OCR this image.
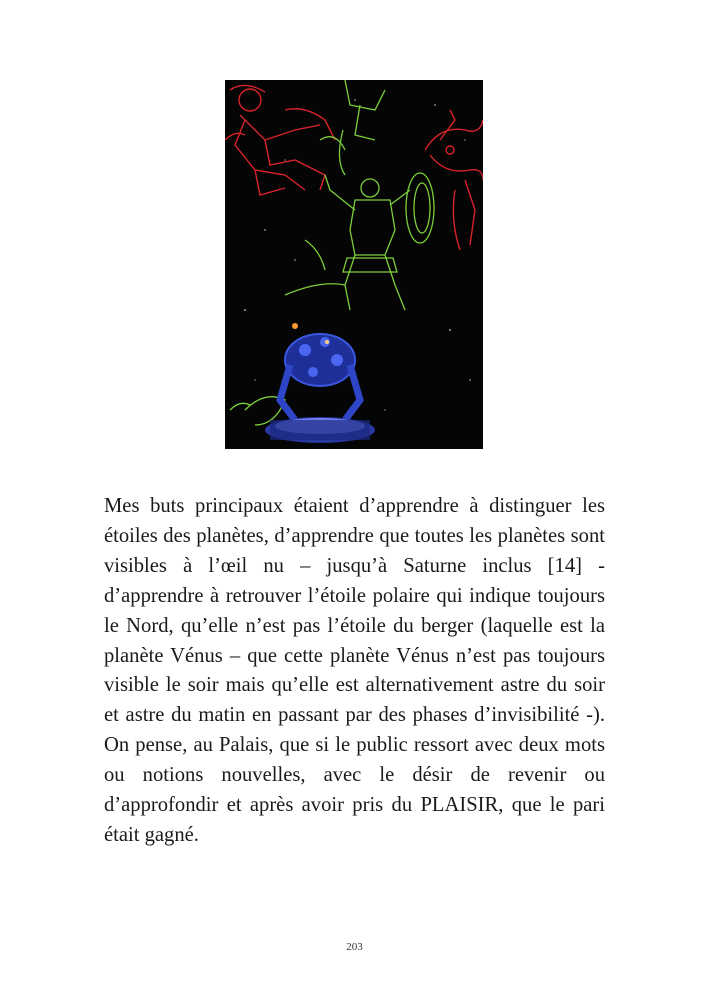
Mes buts principaux étaient d’apprendre à distinguer les étoiles des planètes, d’apprendre que toutes les planètes sont visibles à l’œil nu – jusqu’à Saturne inclus [14] - d’apprendre à retrouver l’étoile polaire qui indique toujours le Nord, qu’elle n’est pas l’étoile du berger (laquelle est la planète Vénus – que cette planète Vénus n’est pas toujours visible le soir mais qu’elle est alternativement astre du soir et astre du matin en passant par des phases d’invisibilité -). On pense, au Palais, que si le public ressort avec deux mots ou notions nouvelles, avec le désir de revenir ou d’approfondir et après avoir pris du PLAISIR, que le pari était gagné.

203
